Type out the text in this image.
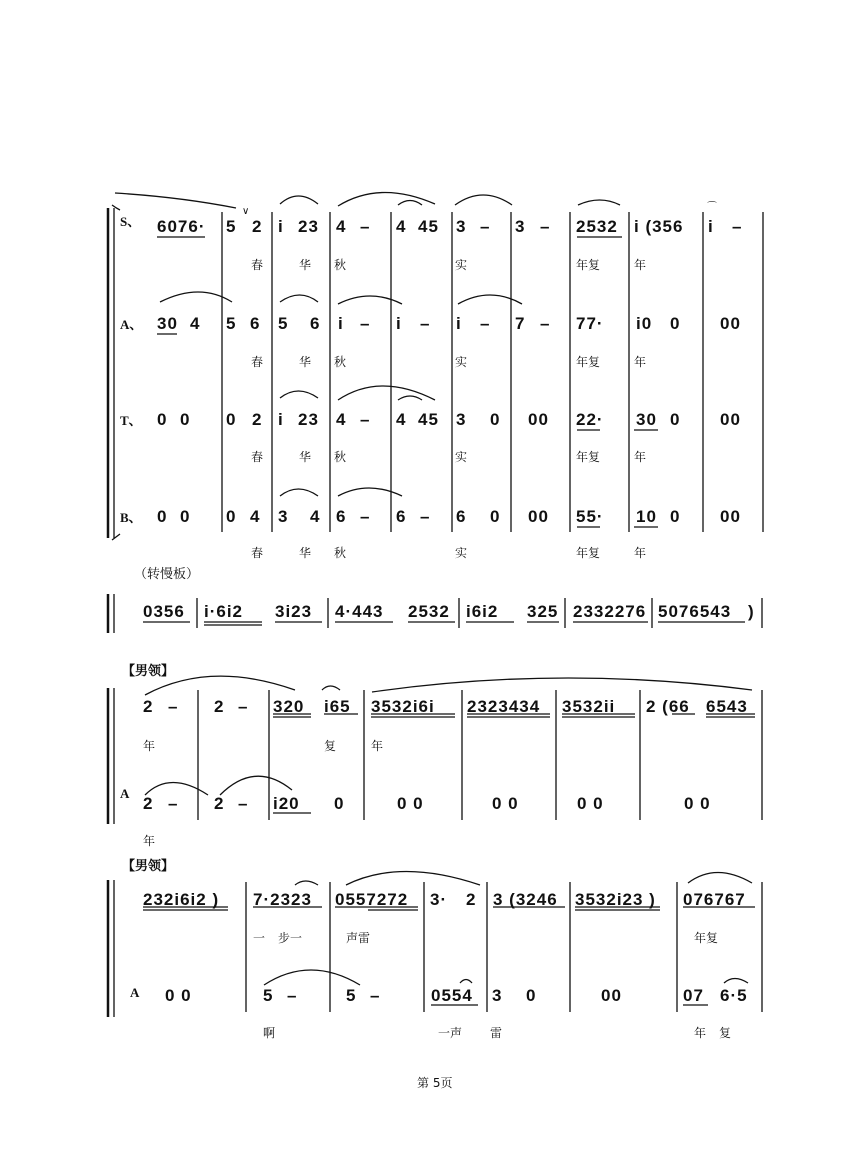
∨	⌒
S、 6076· 5 2 i 23 4 – 4 45 3 – 3 – 2532 i (356 i –
春	华 秋	实	年复	年
A、 30 4 5 6 5 6 i – i – i – 7 – 77· i0 0 00
春	华 秋	实	年复	年
T、 0 0 0 2 i 23 4 – 4 45 3 0 00 22· 30 0 00
春	华 秋	实	年复	年
B、 0 0 0 4 3 4 6 – 6 – 6 0 00 55· 10 0 00
春	华 秋	实	年复	年
（转慢板）
0356 i·6i2 3i23 4·443 2532 i6i2 325 2332276 5076543 )
【男领】
2 – 2 – 320 i65 3532i6i 2323434 3532ii 2 (66 6543
年	复	年
A
2 – 2 – i20 0	0 0	0 0	0 0	0 0
年
【男领】
232i6i2 ) 7·2323 0557272 3· 2 3 (3246 3532i23 ) 076767
一 步一	声雷	年复
A 0 0	5 –	5 –	0554 3 0	00	07 6·5
啊	一声 雷	年 复
第 5页
